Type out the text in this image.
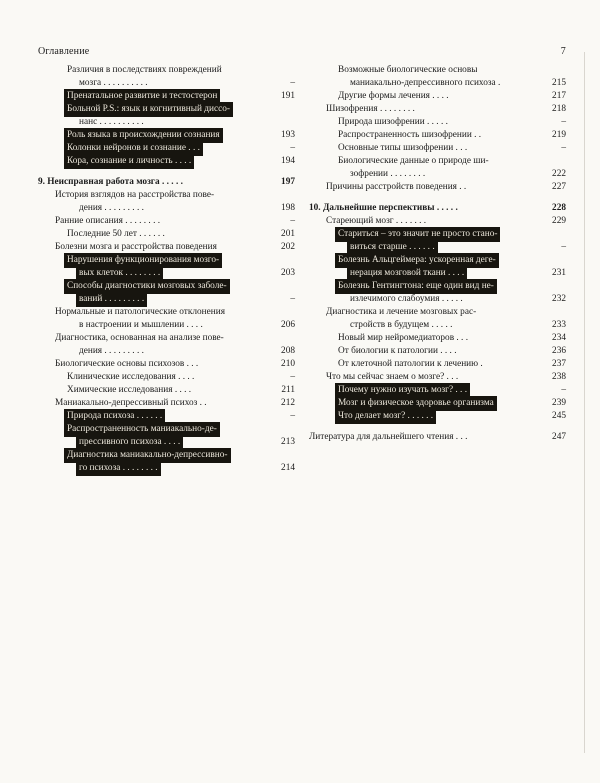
Оглавление	7
Различия в последствиях повреждений
мозга . . . . . . . . . .	–
Пренатальное развитие и тестостерон	191
Больной P.S.: язык и когнитивный диссо-
нанс . . . . . . . . . .
Роль языка в происхождении сознания	193
Колонки нейронов и сознание . . .	–
Кора, сознание и личность . . . .	194
9. Неисправная работа мозга . . . . .	197
История взглядов на расстройства пове-
дения . . . . . . . . .	198
Ранние описания . . . . . . . .	–
Последние 50 лет . . . . . .	201
Болезни мозга и расстройства поведения	202
Нарушения функционирования мозго-
вых клеток . . . . . . . .	203
Способы диагностики мозговых заболе-
ваний . . . . . . . . .	–
Нормальные и патологические отклонения
в настроении и мышлении . . . .	206
Диагностика, основанная на анализе пове-
дения . . . . . . . . .	208
Биологические основы психозов . . .	210
Клинические исследования . . . .	–
Химические исследования . . . .	211
Маниакально-депрессивный психоз . .	212
Природа психоза . . . . . .	–
Распространенность маниакально-де-
прессивного психоза . . . .	213
Диагностика маниакально-депрессивно-
го психоза . . . . . . . .	214
Возможные биологические основы
маниакально-депрессивного психоза .	215
Другие формы лечения . . . .	217
Шизофрения . . . . . . . .	218
Природа шизофрении . . . . .	–
Распространенность шизофрении . .	219
Основные типы шизофрении . . .	–
Биологические данные о природе ши-
зофрении . . . . . . . .	222
Причины расстройств поведения . .	227
10. Дальнейшие перспективы . . . . .	228
Стареющий мозг . . . . . . .	229
Стариться – это значит не просто стано-
виться старше . . . . . .	–
Болезнь Альцгеймера: ускоренная деге-
нерация мозговой ткани . . . .	231
Болезнь Гентингтона: еще один вид не-
излечимого слабоумия . . . . .	232
Диагностика и лечение мозговых рас-
стройств в будущем . . . . .	233
Новый мир нейромедиаторов . . .	234
От биологии к патологии . . . .	236
От клеточной патологии к лечению .	237
Что мы сейчас знаем о мозге? . . .	238
Почему нужно изучать мозг? . . .	–
Мозг и физическое здоровье организма	239
Что делает мозг? . . . . . .	245
Литература для дальнейшего чтения . . .	247
